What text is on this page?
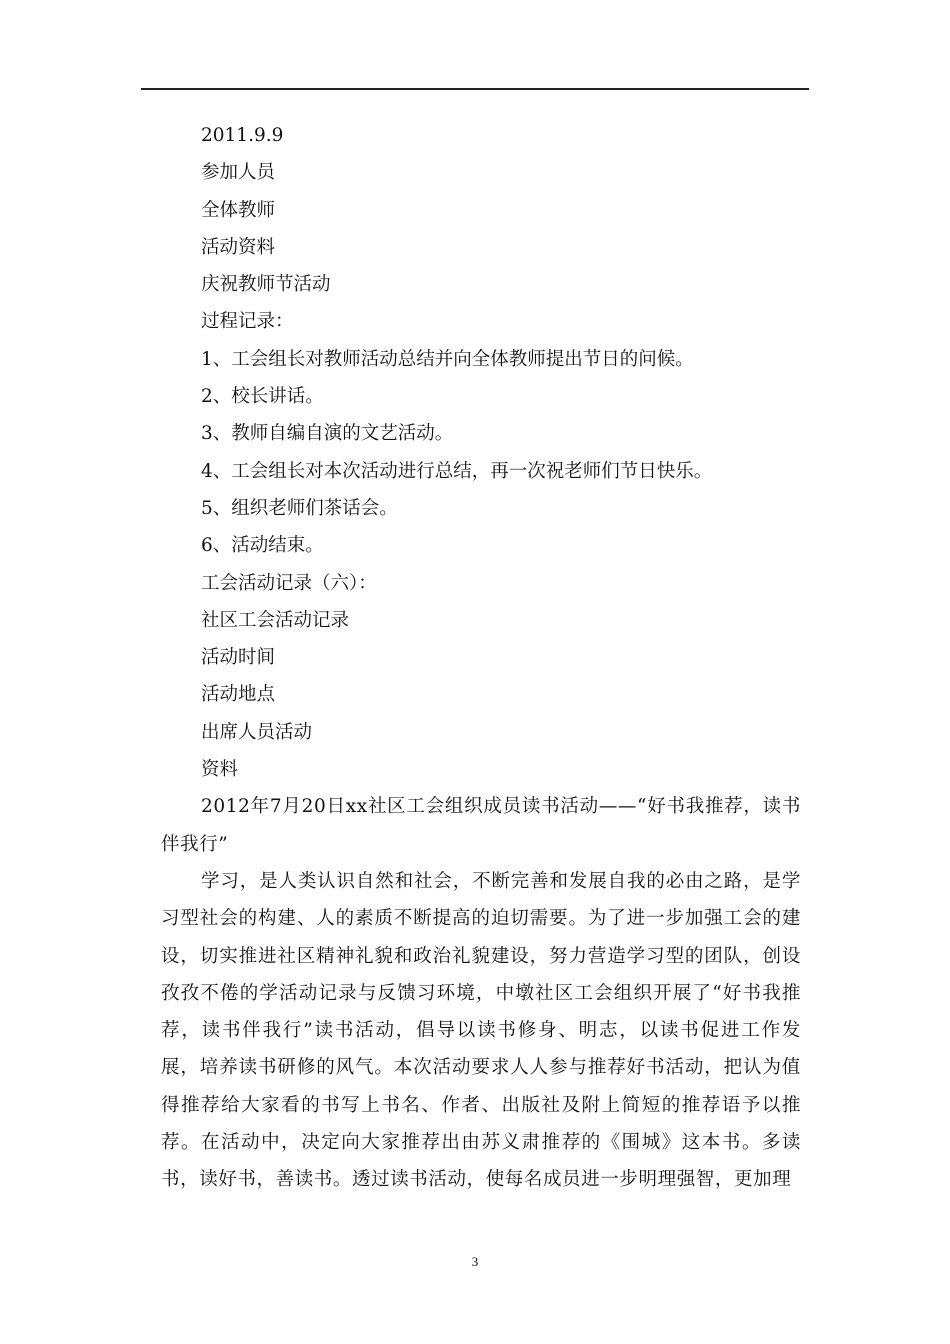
2011.9.9
参加人员
全体教师
活动资料
庆祝教师节活动
过程记录：
1、工会组长对教师活动总结并向全体教师提出节日的问候。
2、校长讲话。
3、教师自编自演的文艺活动。
4、工会组长对本次活动进行总结，再一次祝老师们节日快乐。
5、组织老师们茶话会。
6、活动结束。
工会活动记录（六）：
社区工会活动记录
活动时间
活动地点
出席人员活动
资料
2012年7月20日xx社区工会组织成员读书活动——“好书我推荐，读书伴我行”
学习，是人类认识自然和社会，不断完善和发展自我的必由之路，是学习型社会的构建、人的素质不断提高的迫切需要。为了进一步加强工会的建设，切实推进社区精神礼貌和政治礼貌建设，努力营造学习型的团队，创设孜孜不倦的学活动记录与反馈习环境，中墩社区工会组织开展了“好书我推荐，读书伴我行”读书活动，倡导以读书修身、明志，以读书促进工作发展，培养读书研修的风气。本次活动要求人人参与推荐好书活动，把认为值得推荐给大家看的书写上书名、作者、出版社及附上简短的推荐语予以推荐。在活动中，决定向大家推荐出由苏义肃推荐的《围城》这本书。多读书，读好书，善读书。透过读书活动，使每名成员进一步明理强智，更加理
3
